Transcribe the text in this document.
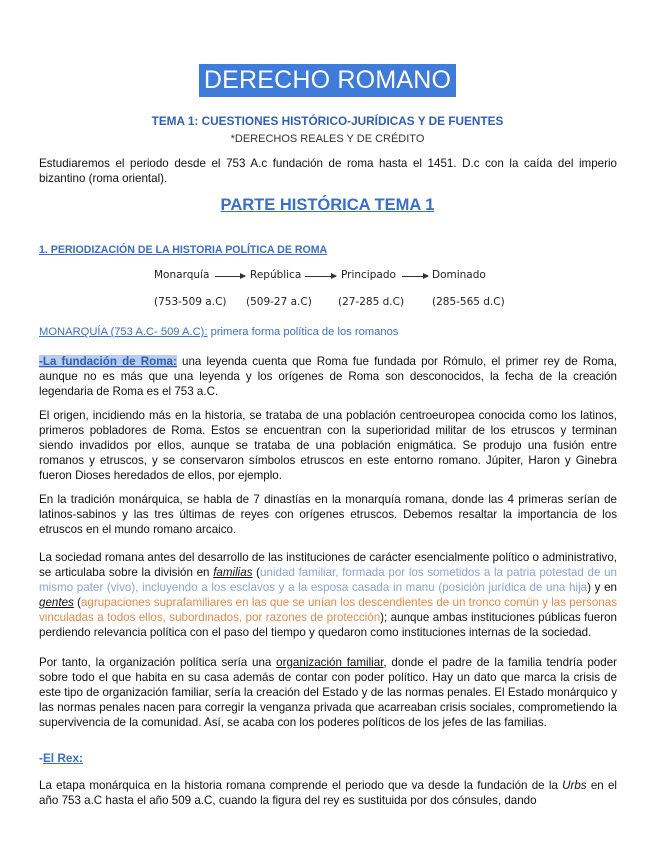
DERECHO ROMANO
TEMA 1: CUESTIONES HISTÓRICO-JURÍDICAS Y DE FUENTES
*DERECHOS REALES Y DE CRÉDITO

Estudiaremos el periodo desde el 753 A.c fundación de roma hasta el 1451. D.c con la caída del imperio bizantino (roma oriental).

PARTE HISTÓRICA TEMA 1
1. PERIODIZACIÓN DE LA HISTORIA POLÍTICA DE ROMA
Monarquía	República	Principado	Dominado
(753-509 a.C) (509-27 a.C) (27-285 d.C)	(285-565 d.C)
MONARQUÍA (753 A.C- 509 A.C): primera forma política de los romanos

-La fundación de Roma: una leyenda cuenta que Roma fue fundada por Rómulo, el primer rey de Roma, aunque no es más que una leyenda y los orígenes de Roma son desconocidos, la fecha de la creación legendaria de Roma es el 753 a.C.

El origen, incidiendo más en la historia, se trataba de una población centroeuropea conocida como los latinos, primeros pobladores de Roma. Estos se encuentran con la superioridad militar de los etruscos y terminan siendo invadidos por ellos, aunque se trataba de una población enigmática. Se produjo una fusión entre romanos y etruscos, y se conservaron símbolos etruscos en este entorno romano. Júpiter, Haron y Ginebra fueron Dioses heredados de ellos, por ejemplo.

En la tradición monárquica, se habla de 7 dinastías en la monarquía romana, donde las 4 primeras serían de latinos-sabinos y las tres últimas de reyes con orígenes etruscos. Debemos resaltar la importancia de los etruscos en el mundo romano arcaico.

La sociedad romana antes del desarrollo de las instituciones de carácter esencialmente político o administrativo, se articulaba sobre la división en familias (unidad familiar, formada por los sometidos a la patria potestad de un mismo pater (vivo), incluyendo a los esclavos y a la esposa casada in manu (posición jurídica de una hija) y en gentes (agrupaciones suprafamiliares en las que se unían los descendientes de un tronco común y las personas vinculadas a todos ellos, subordinados, por razones de protección); aunque ambas instituciones públicas fueron perdiendo relevancia política con el paso del tiempo y quedaron como instituciones internas de la sociedad.

Por tanto, la organización política sería una organización familiar, donde el padre de la familia tendría poder sobre todo el que habita en su casa además de contar con poder político. Hay un dato que marca la crisis de este tipo de organización familiar, sería la creación del Estado y de las normas penales. El Estado monárquico y las normas penales nacen para corregir la venganza privada que acarreaban crisis sociales, comprometiendo la supervivencia de la comunidad. Así, se acaba con los poderes políticos de los jefes de las familias.

-El Rex:

La etapa monárquica en la historia romana comprende el periodo que va desde la fundación de la Urbs en el año 753 a.C hasta el año 509 a.C, cuando la figura del rey es sustituida por dos cónsules, dando
